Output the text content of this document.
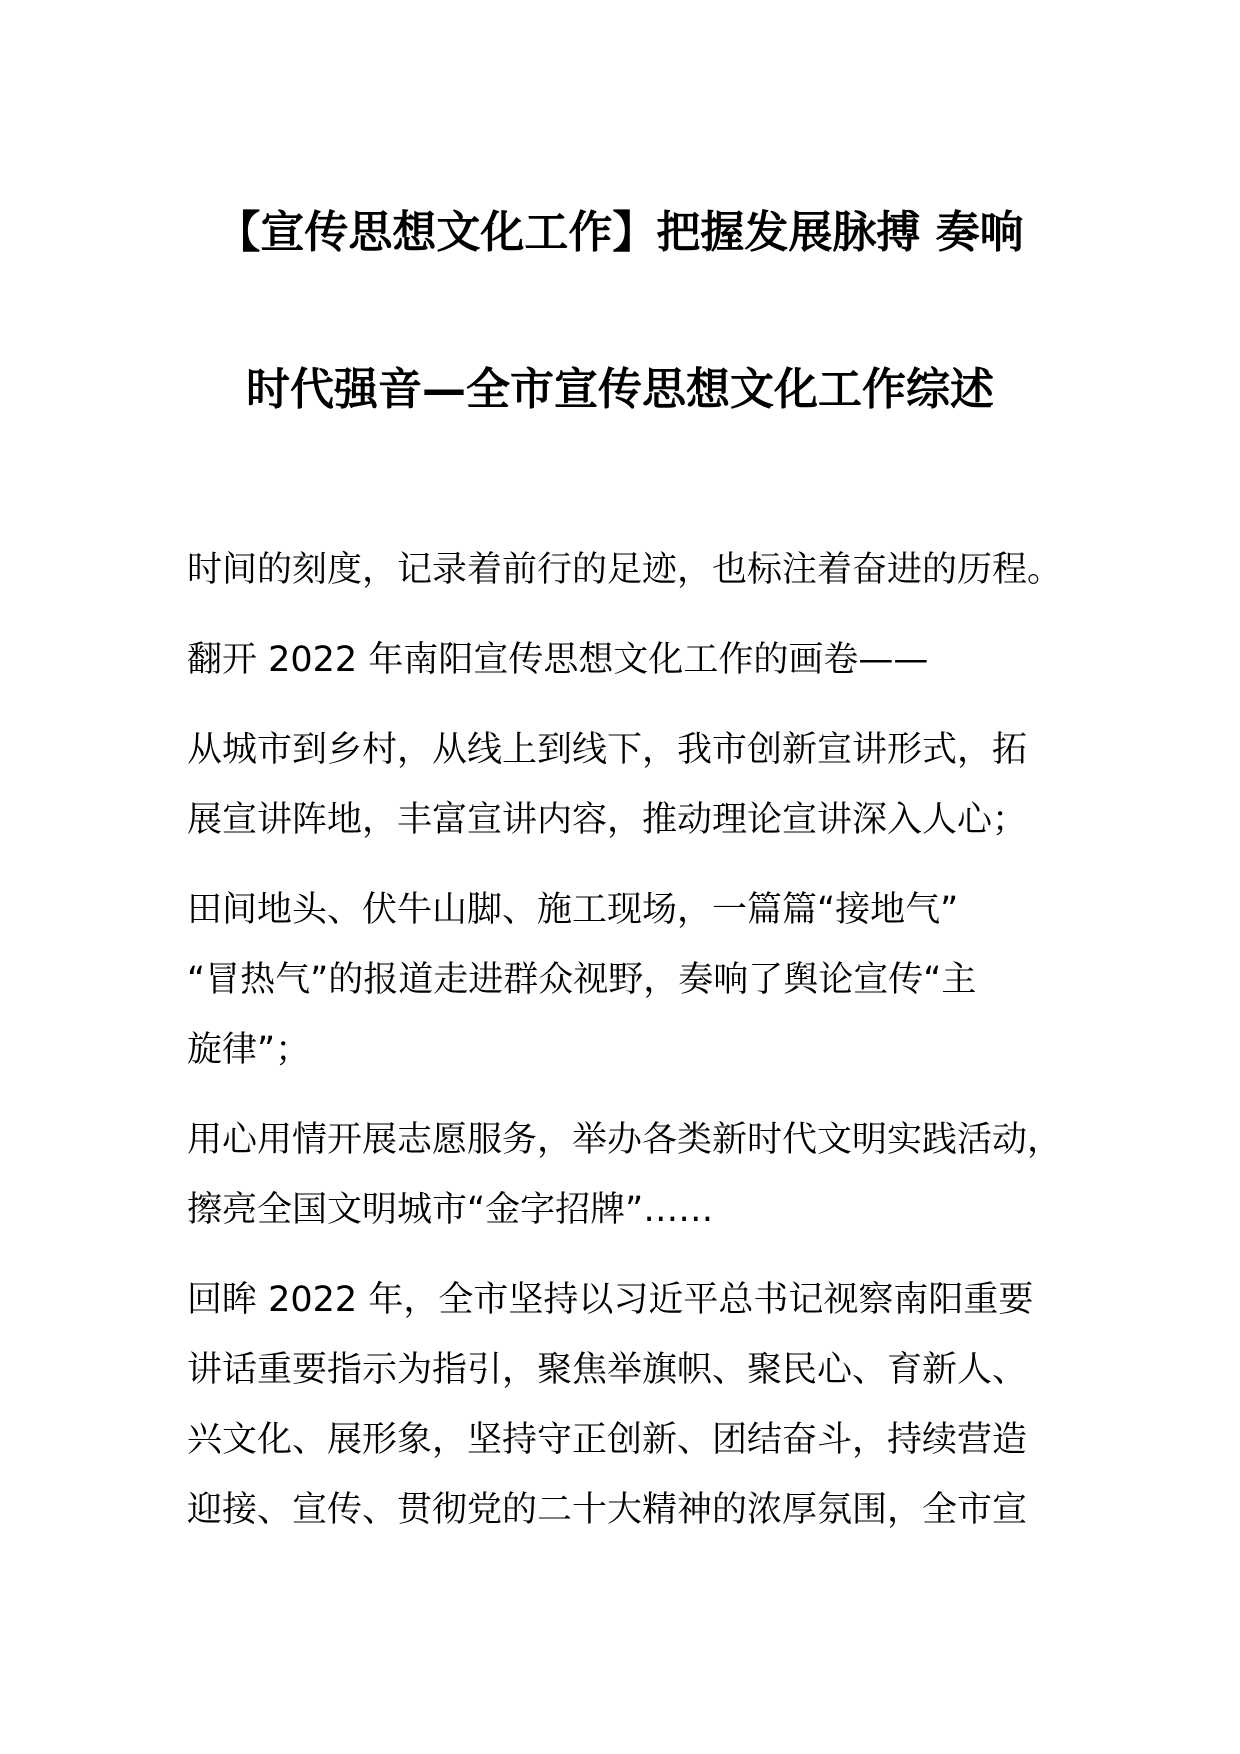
【宣传思想文化工作】把握发展脉搏 奏响
时代强音—全市宣传思想文化工作综述
时间的刻度，记录着前行的足迹，也标注着奋进的历程。
翻开 2022 年南阳宣传思想文化工作的画卷——
从城市到乡村，从线上到线下，我市创新宣讲形式，拓
展宣讲阵地，丰富宣讲内容，推动理论宣讲深入人心；
田间地头、伏牛山脚、施工现场，一篇篇“接地气”
“冒热气”的报道走进群众视野，奏响了舆论宣传“主
旋律”；
用心用情开展志愿服务，举办各类新时代文明实践活动，
擦亮全国文明城市“金字招牌”……
回眸 2022 年，全市坚持以习近平总书记视察南阳重要
讲话重要指示为指引，聚焦举旗帜、聚民心、育新人、
兴文化、展形象，坚持守正创新、团结奋斗，持续营造
迎接、宣传、贯彻党的二十大精神的浓厚氛围，全市宣
